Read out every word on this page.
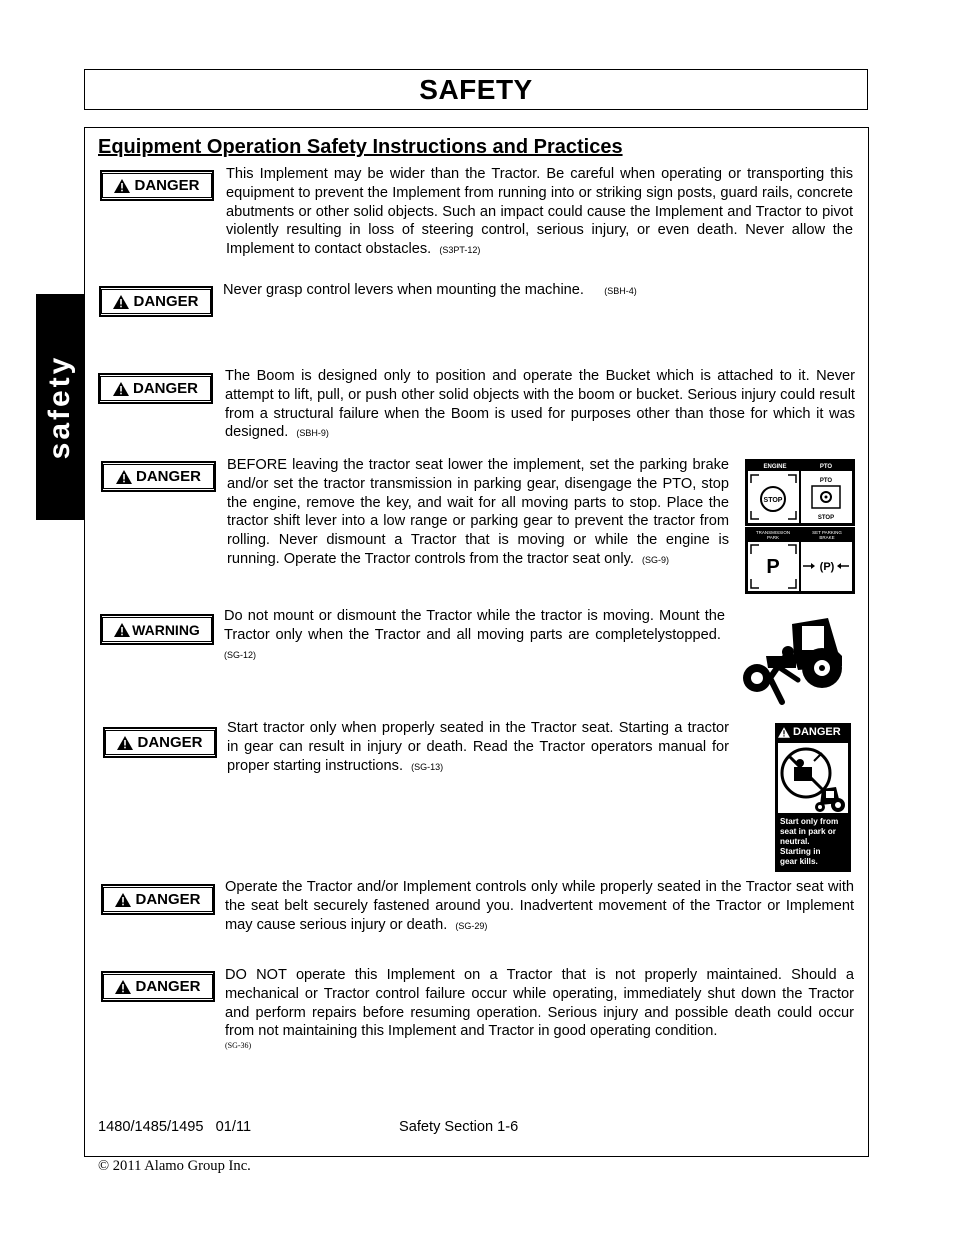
SAFETY
safety
Equipment Operation Safety Instructions and Practices
DANGER
This Implement may be wider than the Tractor. Be careful when operating or transporting this equipment to prevent the Implement from running into or striking sign posts, guard rails, concrete abutments or other solid objects. Such an impact could cause the Implement and Tractor to pivot violently resulting in loss of steering control, serious injury, or even death. Never allow the Implement to contact obstacles. (S3PT-12)
DANGER
Never grasp control levers when mounting the machine. (SBH-4)
DANGER
The Boom is designed only to position and operate the Bucket which is attached to it. Never attempt to lift, pull, or push other solid objects with the boom or bucket. Serious injury could result from a structural failure when the Boom is used for purposes other than those for which it was designed. (SBH-9)
DANGER
BEFORE leaving the tractor seat lower the implement, set the parking brake and/or set the tractor transmission in parking gear, disengage the PTO, stop the engine, remove the key, and wait for all moving parts to stop. Place the tractor shift lever into a low range or parking gear to prevent the tractor from rolling. Never dismount a Tractor that is moving or while the engine is running. Operate the Tractor controls from the tractor seat only. (SG-9)
ENGINE	PTO
STOP
PTO
STOP
TRANSMISSION
PARK
SET PARKING
BRAKE
P	(P)
WARNING
Do not mount or dismount the Tractor while the tractor is moving. Mount the Tractor only when the Tractor and all moving parts are completelystopped.  (SG-12)
DANGER
Start tractor only when properly seated in the Tractor seat. Starting a tractor in gear can result in injury or death. Read the Tractor operators manual for proper starting instructions. (SG-13)
DANGER
Start only from
seat in park or
neutral.
Starting in
gear kills.
DANGER
Operate the Tractor and/or Implement controls only while properly seated in the Tractor seat with the seat belt securely fastened around you. Inadvertent movement of the Tractor or Implement may cause serious injury or death. (SG-29)
DANGER
DO NOT operate this Implement on a Tractor that is not properly maintained. Should a mechanical or Tractor control failure occur while operating, immediately shut down the Tractor and perform repairs before resuming operation. Serious injury and possible death could occur from not maintaining this Implement and Tractor in good operating condition.
(SG-36)
1480/1485/1495   01/11	Safety Section 1-6
© 2011 Alamo Group Inc.
